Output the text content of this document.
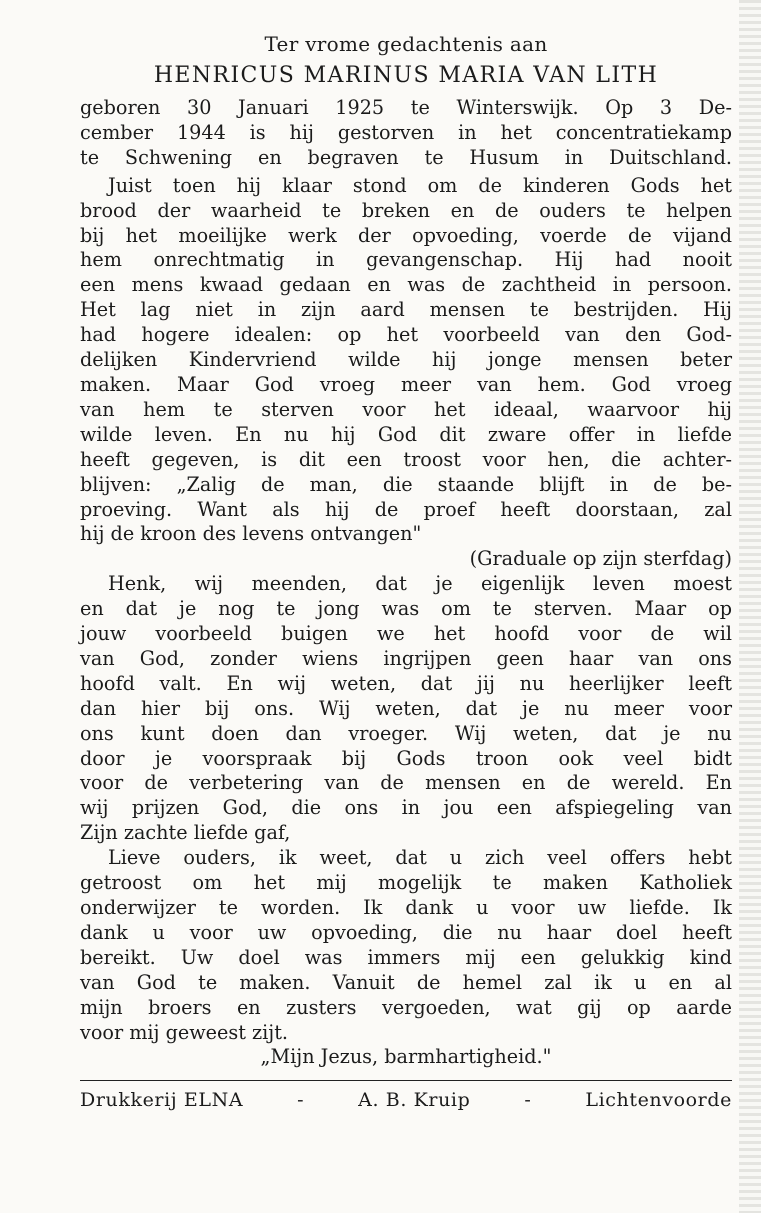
Ter vrome gedachtenis aan
HENRICUS MARINUS MARIA VAN LITH
geboren 30 Januari 1925 te Winterswijk. Op 3 De-
cember 1944 is hij gestorven in het concentratiekamp
te Schwening en begraven te Husum in Duitschland.
Juist toen hij klaar stond om de kinderen Gods het
brood der waarheid te breken en de ouders te helpen
bij het moeilijke werk der opvoeding, voerde de vijand
hem onrechtmatig in gevangenschap. Hij had nooit
een mens kwaad gedaan en was de zachtheid in persoon.
Het lag niet in zijn aard mensen te bestrijden. Hij
had hogere idealen: op het voorbeeld van den God-
delijken Kindervriend wilde hij jonge mensen beter
maken. Maar God vroeg meer van hem. God vroeg
van hem te sterven voor het ideaal, waarvoor hij
wilde leven. En nu hij God dit zware offer in liefde
heeft gegeven, is dit een troost voor hen, die achter-
blijven: „Zalig de man, die staande blijft in de be-
proeving. Want als hij de proef heeft doorstaan, zal
hij de kroon des levens ontvangen"
(Graduale op zijn sterfdag)
Henk, wij meenden, dat je eigenlijk leven moest
en dat je nog te jong was om te sterven. Maar op
jouw voorbeeld buigen we het hoofd voor de wil
van God, zonder wiens ingrijpen geen haar van ons
hoofd valt. En wij weten, dat jij nu heerlijker leeft
dan hier bij ons. Wij weten, dat je nu meer voor
ons kunt doen dan vroeger. Wij weten, dat je nu
door je voorspraak bij Gods troon ook veel bidt
voor de verbetering van de mensen en de wereld. En
wij prijzen God, die ons in jou een afspiegeling van
Zijn zachte liefde gaf,
Lieve ouders, ik weet, dat u zich veel offers hebt
getroost om het mij mogelijk te maken Katholiek
onderwijzer te worden. Ik dank u voor uw liefde. Ik
dank u voor uw opvoeding, die nu haar doel heeft
bereikt. Uw doel was immers mij een gelukkig kind
van God te maken. Vanuit de hemel zal ik u en al
mijn broers en zusters vergoeden, wat gij op aarde
voor mij geweest zijt.
„Mijn Jezus, barmhartigheid."
Drukkerij ELNA	-	A. B. Kruip	-	Lichtenvoorde
